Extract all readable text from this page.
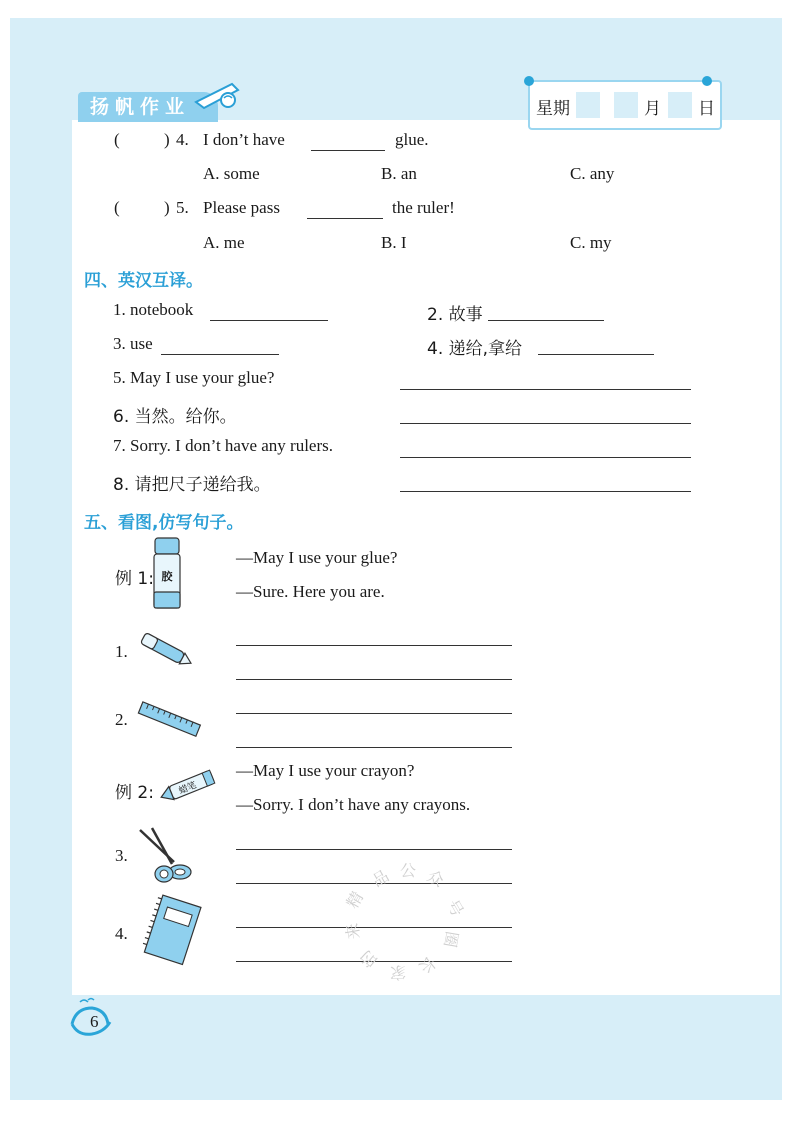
扬帆作业	星期	月 日
(	) 4. I don’t have	glue.
A. some	B. an	C. any
(	) 5. Please pass	the ruler!
A. me	B. I	C. my
四、英汉互译。
1. notebook	2. 故事
3. use	4. 递给,拿给
5. May I use your glue?
6. 当然。给你。
7. Sorry. I don’t have any rulers.
8. 请把尺子递给我。
五、看图,仿写句子。
例 1: 胶
—May I use your glue?
—Sure. Here you are.
1.
2.
例 2:	蜡笔
—May I use your crayon?
—Sorry. I don’t have any crayons.
3.
4.
精
品 公 众
号
来
的
家 长
圈
6
